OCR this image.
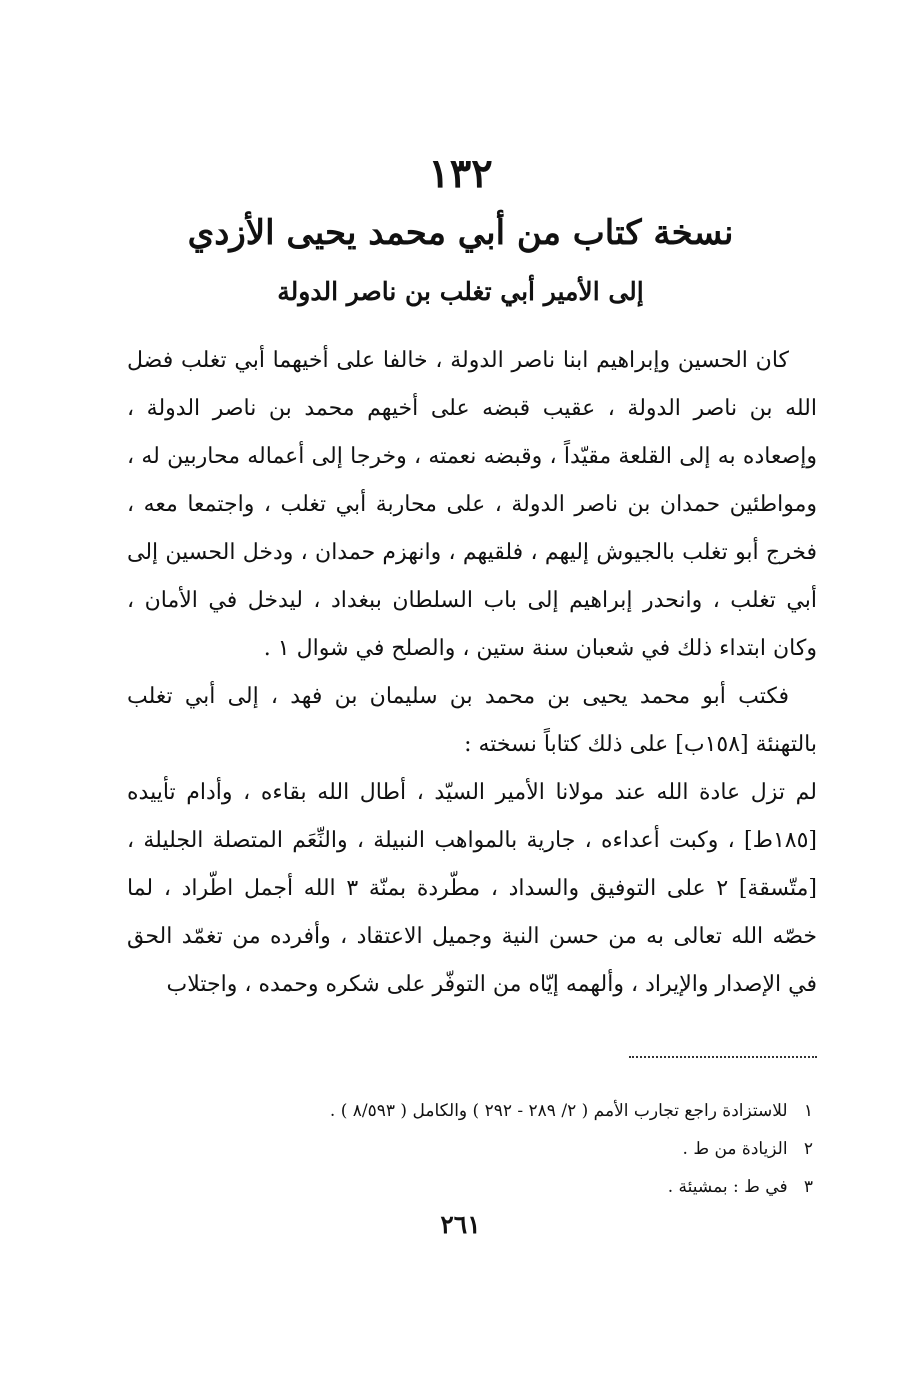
١٣٢
نسخة كتاب من أبي محمد يحيى الأزدي
إلى الأمير أبي تغلب بن ناصر الدولة

كان الحسين وإبراهيم ابنا ناصر الدولة ، خالفا على أخيهما أبي تغلب فضل الله بن ناصر الدولة ، عقيب قبضه على أخيهم محمد بن ناصر الدولة ، وإصعاده به إلى القلعة مقيّداً ، وقبضه نعمته ، وخرجا إلى أعماله محاربين له ، ومواطئين حمدان بن ناصر الدولة ، على محاربة أبي تغلب ، واجتمعا معه ، فخرج أبو تغلب بالجيوش إليهم ، فلقيهم ، وانهزم حمدان ، ودخل الحسين إلى أبي تغلب ، وانحدر إبراهيم إلى باب السلطان ببغداد ، ليدخل في الأمان ، وكان ابتداء ذلك في شعبان سنة ستين ، والصلح في شوال ١ .

فكتب أبو محمد يحيى بن محمد بن سليمان بن فهد ، إلى أبي تغلب بالتهنئة [١٥٨ب] على ذلك كتاباً نسخته :

لم تزل عادة الله عند مولانا الأمير السيّد ، أطال الله بقاءه ، وأدام تأييده [١٨٥ط] ، وكبت أعداءه ، جارية بالمواهب النبيلة ، والنِّعَم المتصلة الجليلة ، [متّسقة] ٢ على التوفيق والسداد ، مطّردة بمنّة ٣ الله أجمل اطّراد ، لما خصّه الله تعالى به من حسن النية وجميل الاعتقاد ، وأفرده من تغمّد الحق في الإصدار والإيراد ، وألهمه إيّاه من التوفّر على شكره وحمده ، واجتلاب

١ للاستزادة راجع تجارب الأمم ( ٢/ ٢٨٩ - ٢٩٢ ) والكامل ( ٨/٥٩٣ ) .
٢ الزيادة من ط .
٣ في ط : بمشيئة .
٢٦١
